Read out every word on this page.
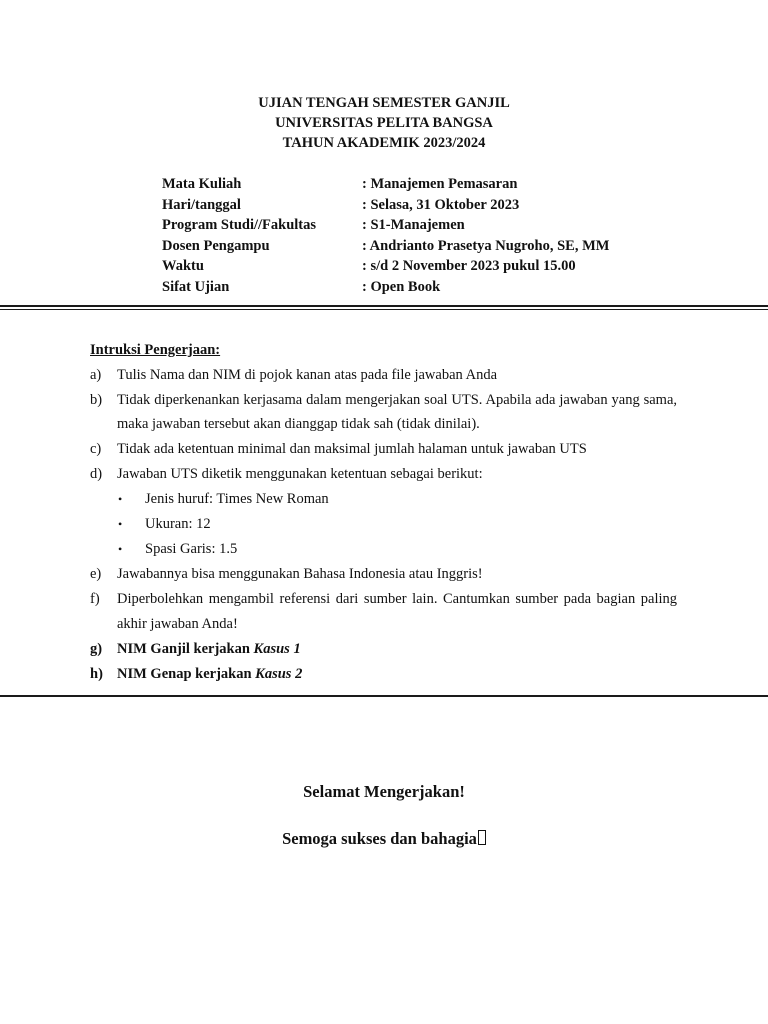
UJIAN TENGAH SEMESTER GANJIL
UNIVERSITAS PELITA BANGSA
TAHUN AKADEMIK 2023/2024
Mata Kuliah	: Manajemen Pemasaran
Hari/tanggal	: Selasa, 31 Oktober 2023
Program Studi//Fakultas	: S1-Manajemen
Dosen Pengampu	: Andrianto Prasetya Nugroho, SE, MM
Waktu	: s/d 2 November 2023 pukul 15.00
Sifat Ujian	: Open Book
Intruksi Pengerjaan:
a)	Tulis Nama dan NIM di pojok kanan atas pada file jawaban Anda
b)	Tidak diperkenankan kerjasama dalam mengerjakan soal UTS. Apabila ada jawaban yang sama, maka jawaban tersebut akan dianggap tidak sah (tidak dinilai).
c)	Tidak ada ketentuan minimal dan maksimal jumlah halaman untuk jawaban UTS
d)	Jawaban UTS diketik menggunakan ketentuan sebagai berikut:
•	Jenis huruf: Times New Roman
•	Ukuran: 12
•	Spasi Garis: 1.5
e)	Jawabannya bisa menggunakan Bahasa Indonesia atau Inggris!
f)	Diperbolehkan mengambil referensi dari sumber lain. Cantumkan sumber pada bagian paling akhir jawaban Anda!
g)	NIM Ganjil kerjakan Kasus 1
h) NIM Genap kerjakan Kasus 2
Selamat Mengerjakan!
Semoga sukses dan bahagia
